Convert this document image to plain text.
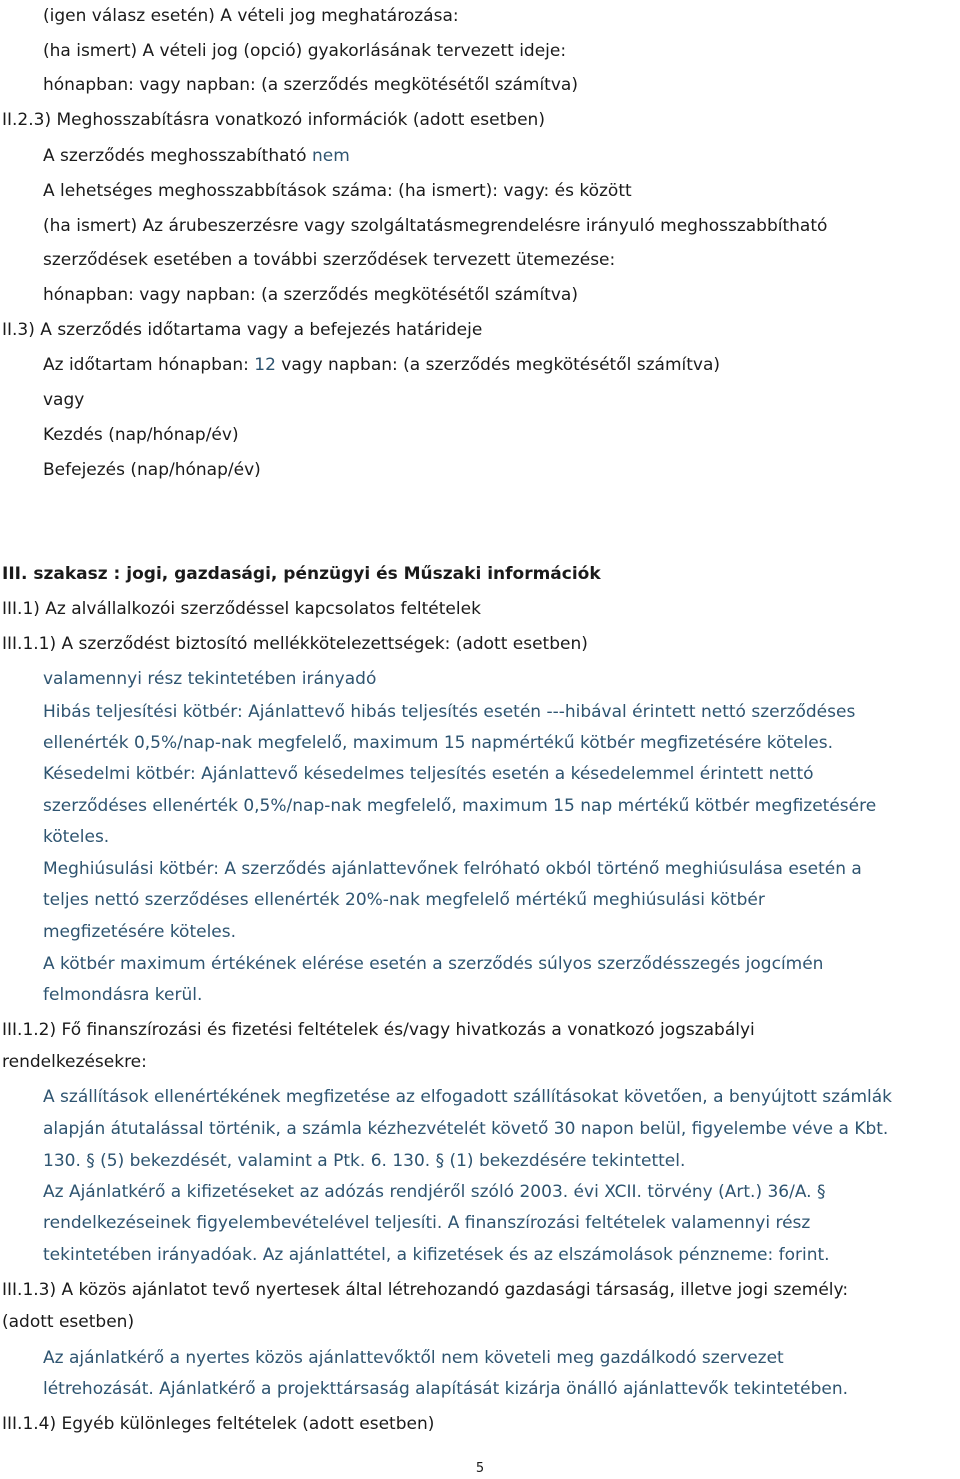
(igen válasz esetén) A vételi jog meghatározása:
(ha ismert) A vételi jog (opció) gyakorlásának tervezett ideje:
hónapban: vagy napban: (a szerződés megkötésétől számítva)
II.2.3) Meghosszabításra vonatkozó információk (adott esetben)
A szerződés meghosszabítható nem
A lehetséges meghosszabbítások száma: (ha ismert): vagy: és között
(ha ismert) Az árubeszerzésre vagy szolgáltatásmegrendelésre irányuló meghosszabbítható
szerződések esetében a további szerződések tervezett ütemezése:
hónapban: vagy napban: (a szerződés megkötésétől számítva)
II.3) A szerződés időtartama vagy a befejezés határideje
Az időtartam hónapban: 12 vagy napban: (a szerződés megkötésétől számítva)
vagy
Kezdés (nap/hónap/év)
Befejezés (nap/hónap/év)
III. szakasz : jogi, gazdasági, pénzügyi és Műszaki információk
III.1) Az alvállalkozói szerződéssel kapcsolatos feltételek
III.1.1) A szerződést biztosító mellékkötelezettségek: (adott esetben)
valamennyi rész tekintetében irányadó
Hibás teljesítési kötbér: Ajánlattevő hibás teljesítés esetén ---hibával érintett nettó szerződéses
ellenérték 0,5%/nap-nak megfelelő, maximum 15 napmértékű kötbér megfizetésére köteles.
Késedelmi kötbér: Ajánlattevő késedelmes teljesítés esetén a késedelemmel érintett nettó
szerződéses ellenérték 0,5%/nap-nak megfelelő, maximum 15 nap mértékű kötbér megfizetésére
köteles.
Meghiúsulási kötbér: A szerződés ajánlattevőnek felróható okból történő meghiúsulása esetén a
teljes nettó szerződéses ellenérték 20%-nak megfelelő mértékű meghiúsulási kötbér
megfizetésére köteles.
A kötbér maximum értékének elérése esetén a szerződés súlyos szerződésszegés jogcímén
felmondásra kerül.
III.1.2) Fő finanszírozási és fizetési feltételek és/vagy hivatkozás a vonatkozó jogszabályi
rendelkezésekre:
A szállítások ellenértékének megfizetése az elfogadott szállításokat követően, a benyújtott számlák
alapján átutalással történik, a számla kézhezvételét követő 30 napon belül, figyelembe véve a Kbt.
130. § (5) bekezdését, valamint a Ptk. 6. 130. § (1) bekezdésére tekintettel.
Az Ajánlatkérő a kifizetéseket az adózás rendjéről szóló 2003. évi XCII. törvény (Art.) 36/A. §
rendelkezéseinek figyelembevételével teljesíti. A finanszírozási feltételek valamennyi rész
tekintetében irányadóak. Az ajánlattétel, a kifizetések és az elszámolások pénzneme: forint.
III.1.3) A közös ajánlatot tevő nyertesek által létrehozandó gazdasági társaság, illetve jogi személy:
(adott esetben)
Az ajánlatkérő a nyertes közös ajánlattevőktől nem követeli meg gazdálkodó szervezet
létrehozását. Ajánlatkérő a projekttársaság alapítását kizárja önálló ajánlattevők tekintetében.
III.1.4) Egyéb különleges feltételek (adott esetben)
5
